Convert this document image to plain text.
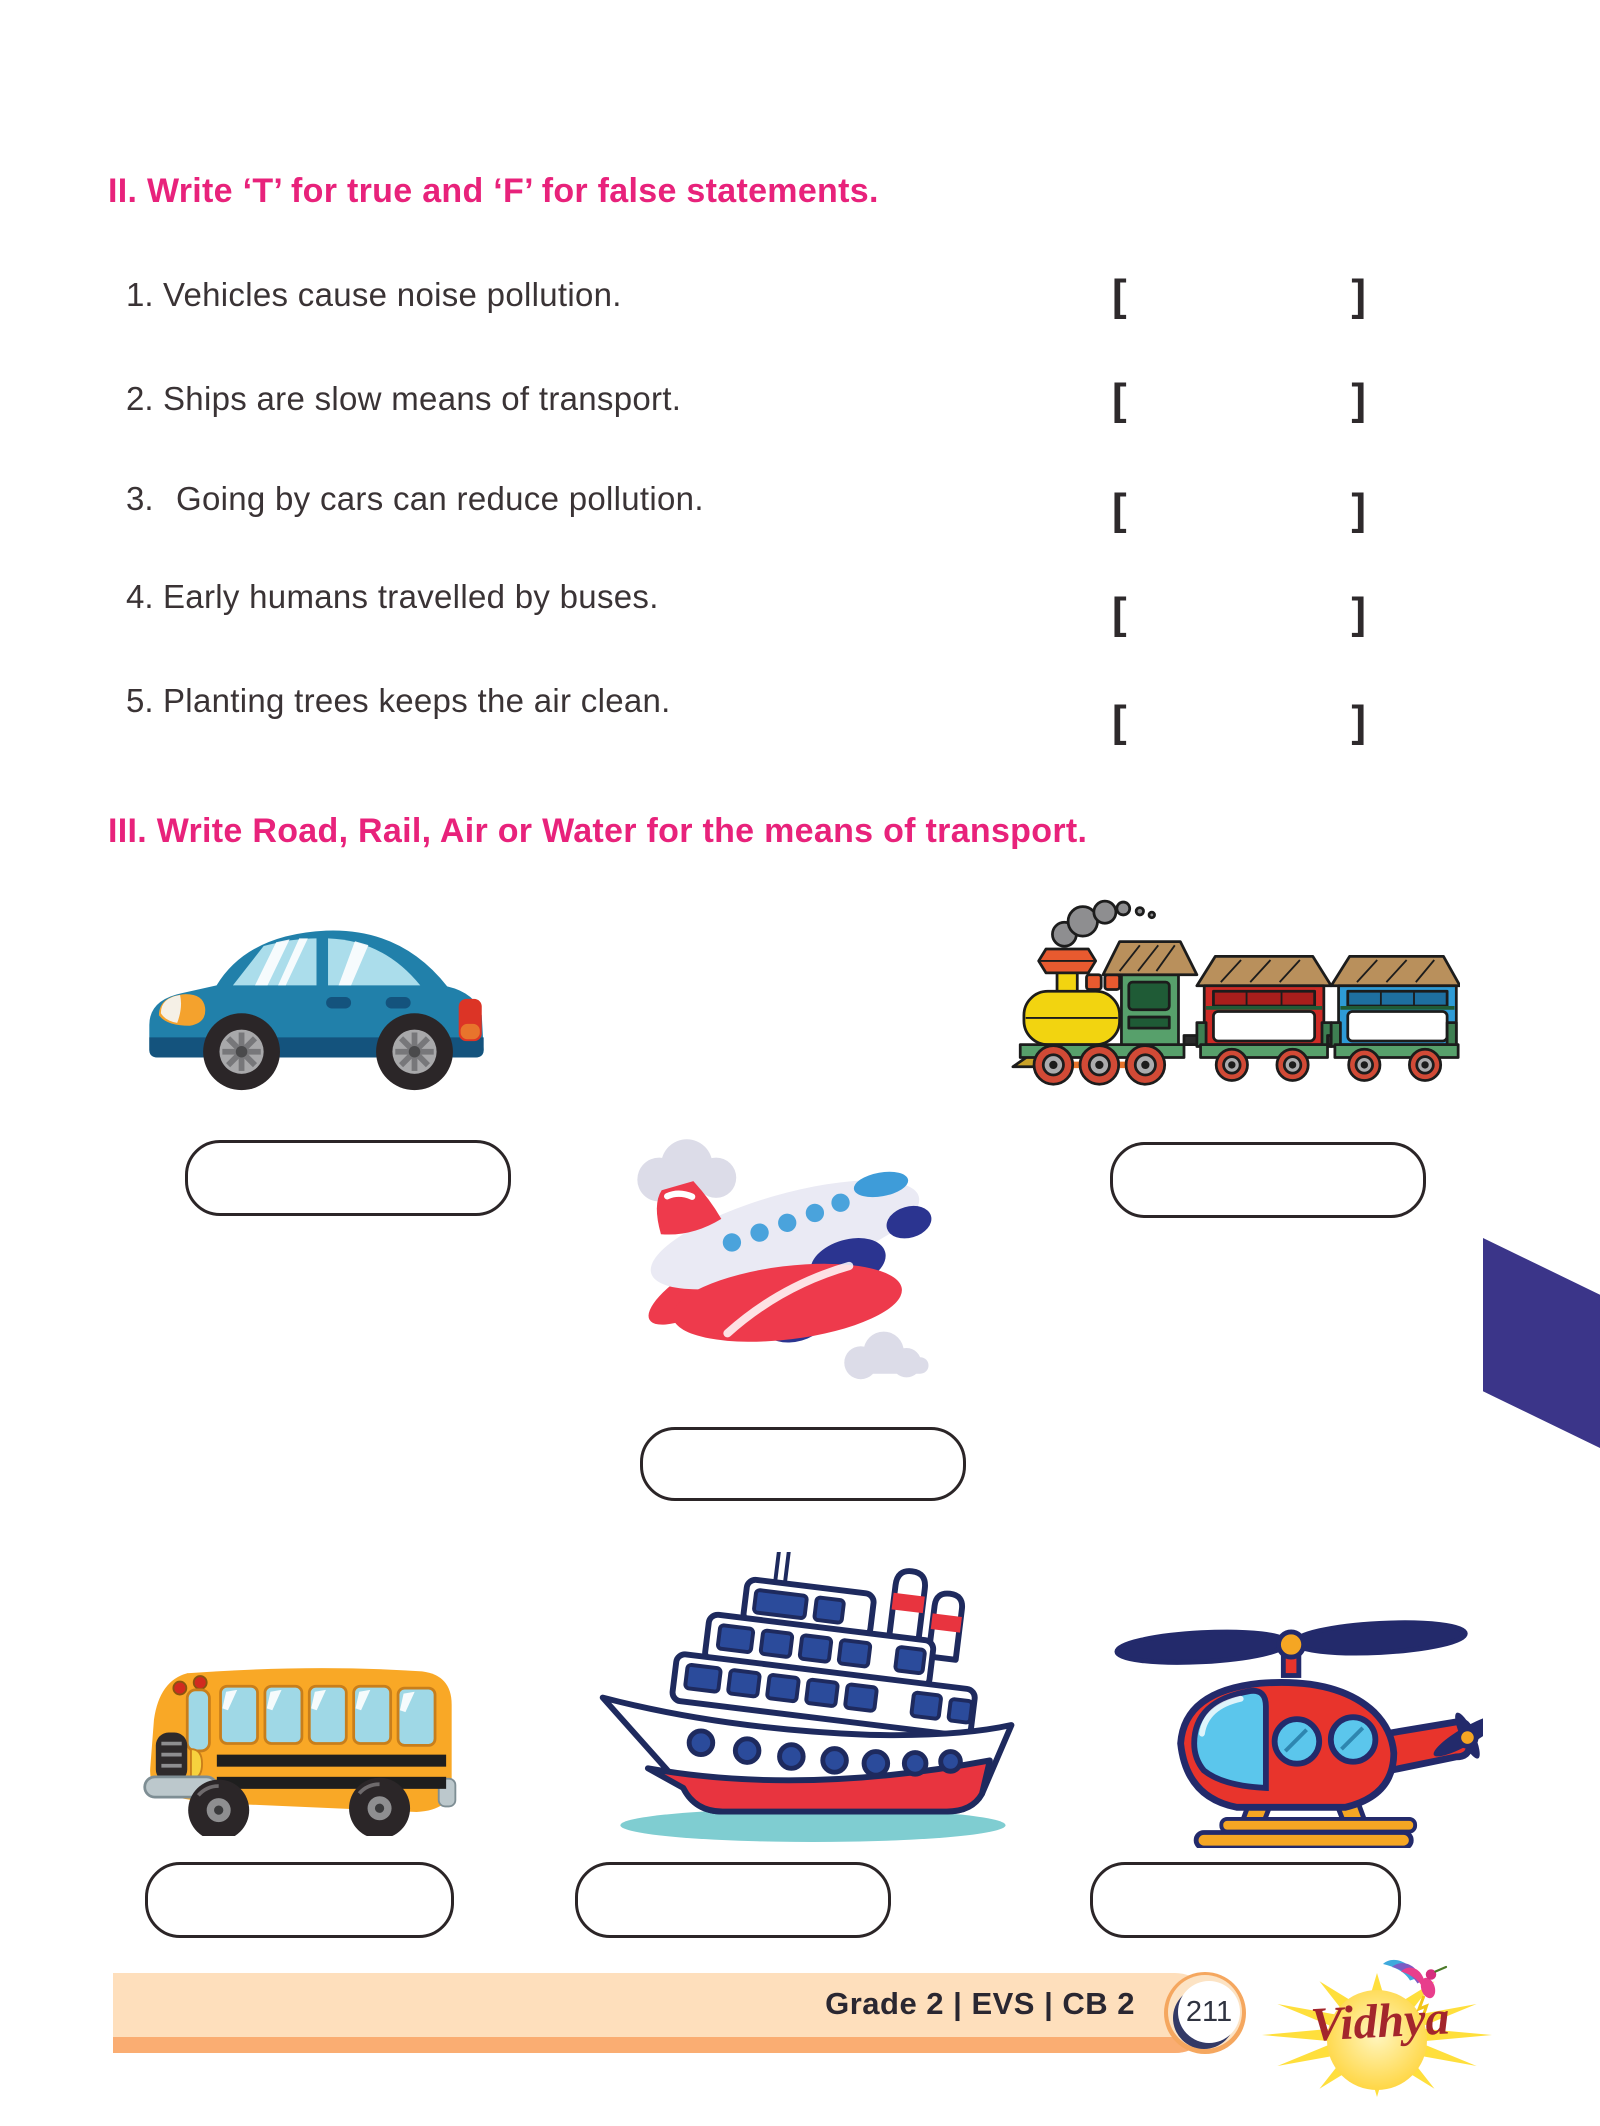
II. Write ‘T’ for true and ‘F’ for false statements.
1. Vehicles cause noise pollution.	[	]
2. Ships are slow means of transport.	[	]
3. Going by cars can reduce pollution.	[	]
4. Early humans travelled by buses.	[	]
5. Planting trees keeps the air clean.	[	]
III. Write Road, Rail, Air or Water for the means of transport.
Grade 2 | EVS | CB 2 211	Vidhya
